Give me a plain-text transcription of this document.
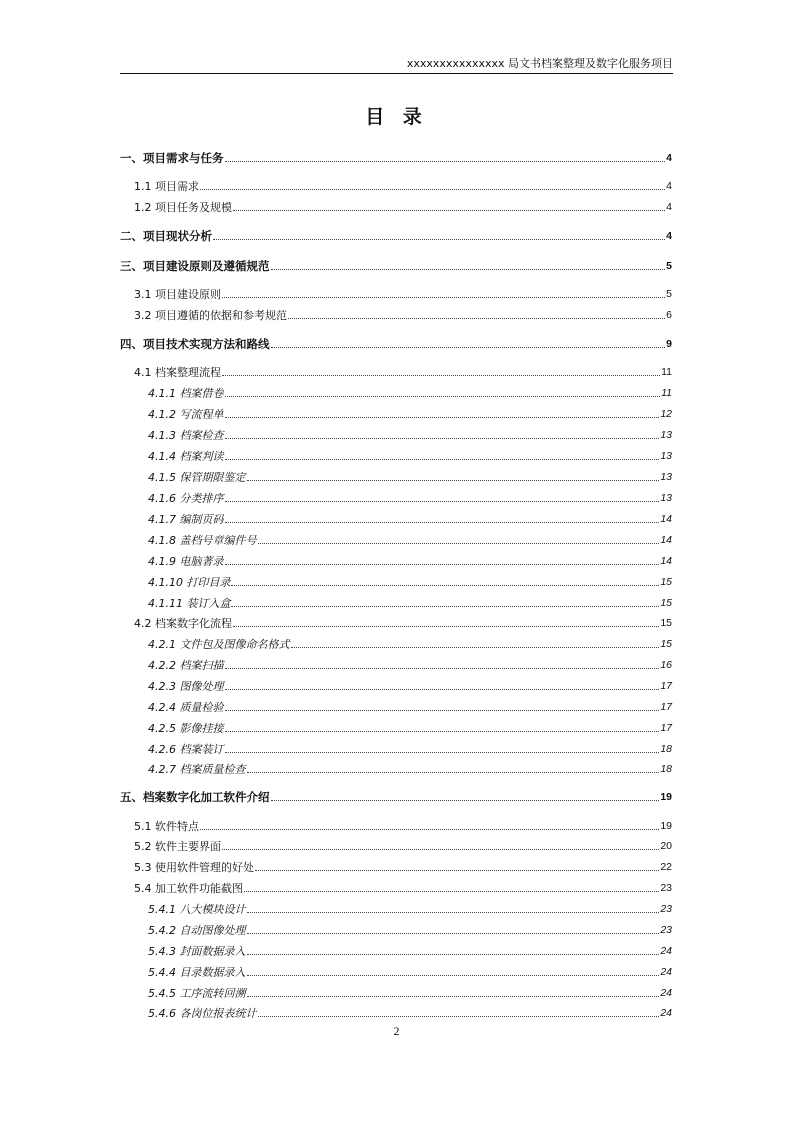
xxxxxxxxxxxxxxx 局文书档案整理及数字化服务项目
目 录
一、项目需求与任务	4
1.1 项目需求	4
1.2 项目任务及规模	4
二、项目现状分析	4
三、项目建设原则及遵循规范	5
3.1 项目建设原则	5
3.2 项目遵循的依据和参考规范	6
四、项目技术实现方法和路线	9
4.1 档案整理流程	11
4.1.1 档案借卷	11
4.1.2 写流程单	12
4.1.3 档案检查	13
4.1.4 档案判读	13
4.1.5 保管期限鉴定	13
4.1.6 分类排序	13
4.1.7 编制页码	14
4.1.8 盖档号章编件号	14
4.1.9 电脑著录	14
4.1.10 打印目录	15
4.1.11 装订入盒	15
4.2 档案数字化流程	15
4.2.1 文件包及图像命名格式	15
4.2.2 档案扫描	16
4.2.3 图像处理	17
4.2.4 质量检验	17
4.2.5 影像挂接	17
4.2.6 档案装订	18
4.2.7 档案质量检查	18
五、档案数字化加工软件介绍	19
5.1 软件特点	19
5.2 软件主要界面	20
5.3 使用软件管理的好处	22
5.4 加工软件功能截图	23
5.4.1 八大模块设计	23
5.4.2 自动图像处理	23
5.4.3 封面数据录入	24
5.4.4 目录数据录入	24
5.4.5 工序流转回溯	24
5.4.6 各岗位报表统计	24
2
